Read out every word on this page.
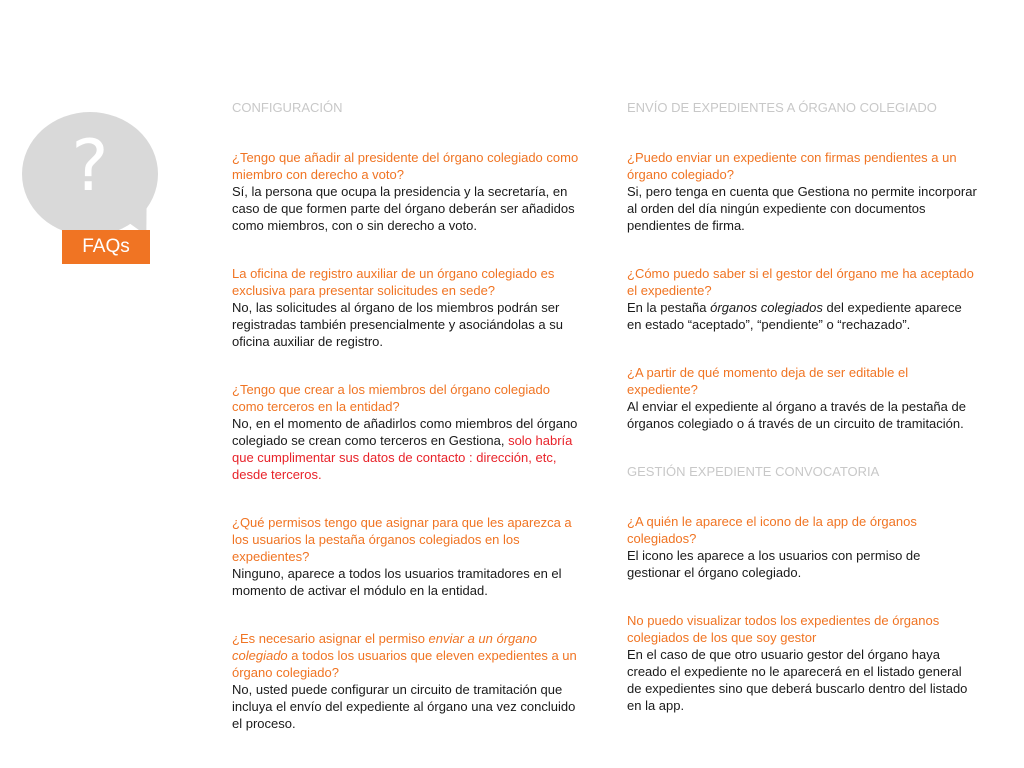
?
FAQs
CONFIGURACIÓN
¿Tengo que añadir al presidente del órgano colegiado como miembro con derecho a voto?
Sí, la persona que ocupa la presidencia y la secretaría, en caso de que formen parte del órgano deberán ser añadidos como miembros, con o sin derecho a voto.
La oficina de registro auxiliar de un órgano colegiado es exclusiva para presentar solicitudes en sede?
No, las solicitudes al órgano de los miembros podrán ser registradas también presencialmente y asociándolas a su oficina auxiliar de registro.
¿Tengo que crear a los miembros del órgano colegiado como terceros en la entidad?
No, en el momento de añadirlos como miembros del órgano colegiado se crean como terceros en Gestiona, solo habría que cumplimentar sus datos de contacto : dirección, etc, desde terceros.
¿Qué permisos tengo que asignar para que les aparezca a los usuarios la pestaña órganos colegiados en los expedientes?
Ninguno, aparece a todos los usuarios tramitadores en el momento de activar el módulo en la entidad.
¿Es necesario asignar el permiso enviar a un órgano colegiado a todos los usuarios que eleven expedientes a un órgano colegiado?
No, usted puede configurar un circuito de tramitación que incluya el envío del expediente al órgano una vez concluido el proceso.
ENVÍO DE EXPEDIENTES A ÓRGANO COLEGIADO
¿Puedo enviar un expediente con firmas pendientes a un órgano colegiado?
Si, pero tenga en cuenta que Gestiona no permite incorporar al orden del día ningún expediente con documentos pendientes de firma.
¿Cómo puedo saber si el gestor del órgano me ha aceptado el expediente?
En la pestaña órganos colegiados del expediente aparece en estado “aceptado”, “pendiente” o “rechazado”.
¿A partir de qué momento deja de ser editable el expediente?
Al enviar el expediente al órgano a través de la pestaña de órganos colegiado o á través de un circuito de tramitación.
GESTIÓN EXPEDIENTE CONVOCATORIA
¿A quién le aparece el icono de la app de órganos colegiados?
El icono les aparece a los usuarios con permiso de gestionar el órgano colegiado.
No puedo visualizar todos los expedientes de órganos colegiados de los que soy gestor
En el caso de que otro usuario gestor del órgano haya creado el expediente no le aparecerá en el listado general de expedientes sino que deberá buscarlo dentro del listado en la app.
